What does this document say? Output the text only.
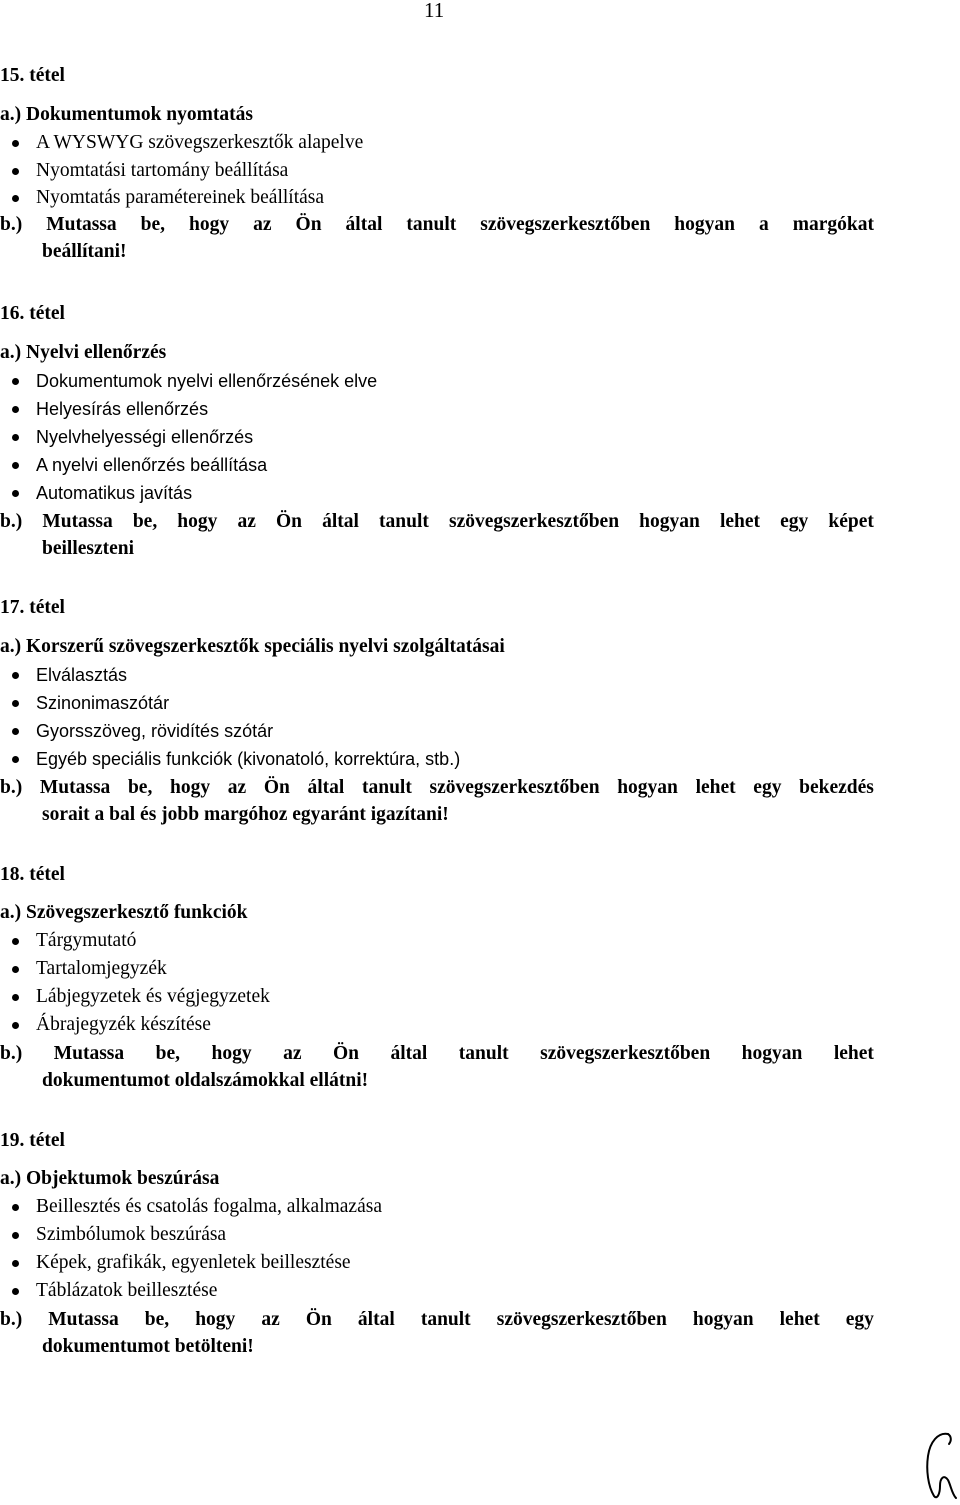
11
15. tétel
a.) Dokumentumok nyomtatás
A WYSWYG szövegszerkesztők alapelve
Nyomtatási tartomány beállítása
Nyomtatás paramétereinek beállítása
b.) Mutassa be, hogy az Ön által tanult szövegszerkesztőben hogyan a margókat
beállítani!
16. tétel
a.) Nyelvi ellenőrzés
Dokumentumok nyelvi ellenőrzésének elve
Helyesírás ellenőrzés
Nyelvhelyességi ellenőrzés
A nyelvi ellenőrzés beállítása
Automatikus javítás
b.) Mutassa be, hogy az Ön által tanult szövegszerkesztőben hogyan lehet egy képet
beilleszteni
17. tétel
a.) Korszerű szövegszerkesztők speciális nyelvi szolgáltatásai
Elválasztás
Szinonimaszótár
Gyorsszöveg, rövidítés szótár
Egyéb speciális funkciók (kivonatoló, korrektúra, stb.)
b.) Mutassa be, hogy az Ön által tanult szövegszerkesztőben hogyan lehet egy bekezdés
sorait a bal és jobb margóhoz egyaránt igazítani!
18. tétel
a.) Szövegszerkesztő funkciók
Tárgymutató
Tartalomjegyzék
Lábjegyzetek és végjegyzetek
Ábrajegyzék készítése
b.) Mutassa be, hogy az Ön által tanult szövegszerkesztőben hogyan lehet
dokumentumot oldalszámokkal ellátni!
19. tétel
a.) Objektumok beszúrása
Beillesztés és csatolás fogalma, alkalmazása
Szimbólumok beszúrása
Képek, grafikák, egyenletek beillesztése
Táblázatok beillesztése
b.) Mutassa be, hogy az Ön által tanult szövegszerkesztőben hogyan lehet egy
dokumentumot betölteni!
